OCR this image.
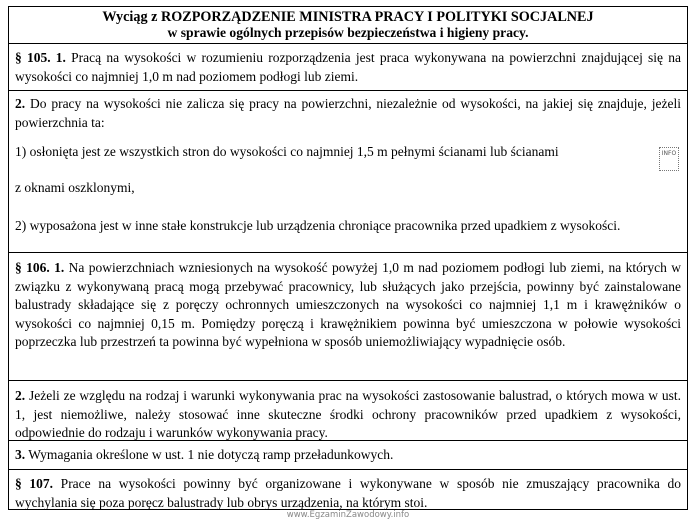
Wyciąg z ROZPORZĄDZENIE MINISTRA PRACY I POLITYKI SOCJALNEJ
w sprawie ogólnych przepisów bezpieczeństwa i higieny pracy.
§ 105. 1. Pracą na wysokości w rozumieniu rozporządzenia jest praca wykonywana na powierzchni znajdującej się na wysokości co najmniej 1,0 m nad poziomem podłogi lub ziemi.

2. Do pracy na wysokości nie zalicza się pracy na powierzchni, niezależnie od wysokości, na jakiej się znajduje, jeżeli powierzchnia ta:

1) osłonięta jest ze wszystkich stron do wysokości co najmniej 1,5 m pełnymi ścianami lub ścianami	INFO

z oknami oszklonymi,

2) wyposażona jest w inne stałe konstrukcje lub urządzenia chroniące pracownika przed upadkiem z wysokości.

§ 106. 1. Na powierzchniach wzniesionych na wysokość powyżej 1,0 m nad poziomem podłogi lub ziemi, na których w związku z wykonywaną pracą mogą przebywać pracownicy, lub służących jako przejścia, powinny być zainstalowane balustrady składające się z poręczy ochronnych umieszczonych na wysokości co najmniej 1,1 m i krawężników o wysokości co najmniej 0,15 m. Pomiędzy poręczą i krawężnikiem powinna być umieszczona w połowie wysokości poprzeczka lub przestrzeń ta powinna być wypełniona w sposób uniemożliwiający wypadnięcie osób.
2. Jeżeli ze względu na rodzaj i warunki wykonywania prac na wysokości zastosowanie balustrad, o których mowa w ust. 1, jest niemożliwe, należy stosować inne skuteczne środki ochrony pracowników przed upadkiem z wysokości, odpowiednie do rodzaju i warunków wykonywania pracy.
3. Wymagania określone w ust. 1 nie dotyczą ramp przeładunkowych.
§ 107. Prace na wysokości powinny być organizowane i wykonywane w sposób nie zmuszający pracownika do wychylania się poza poręcz balustrady lub obrys urządzenia, na którym stoi.
www.EgzaminZawodowy.info
